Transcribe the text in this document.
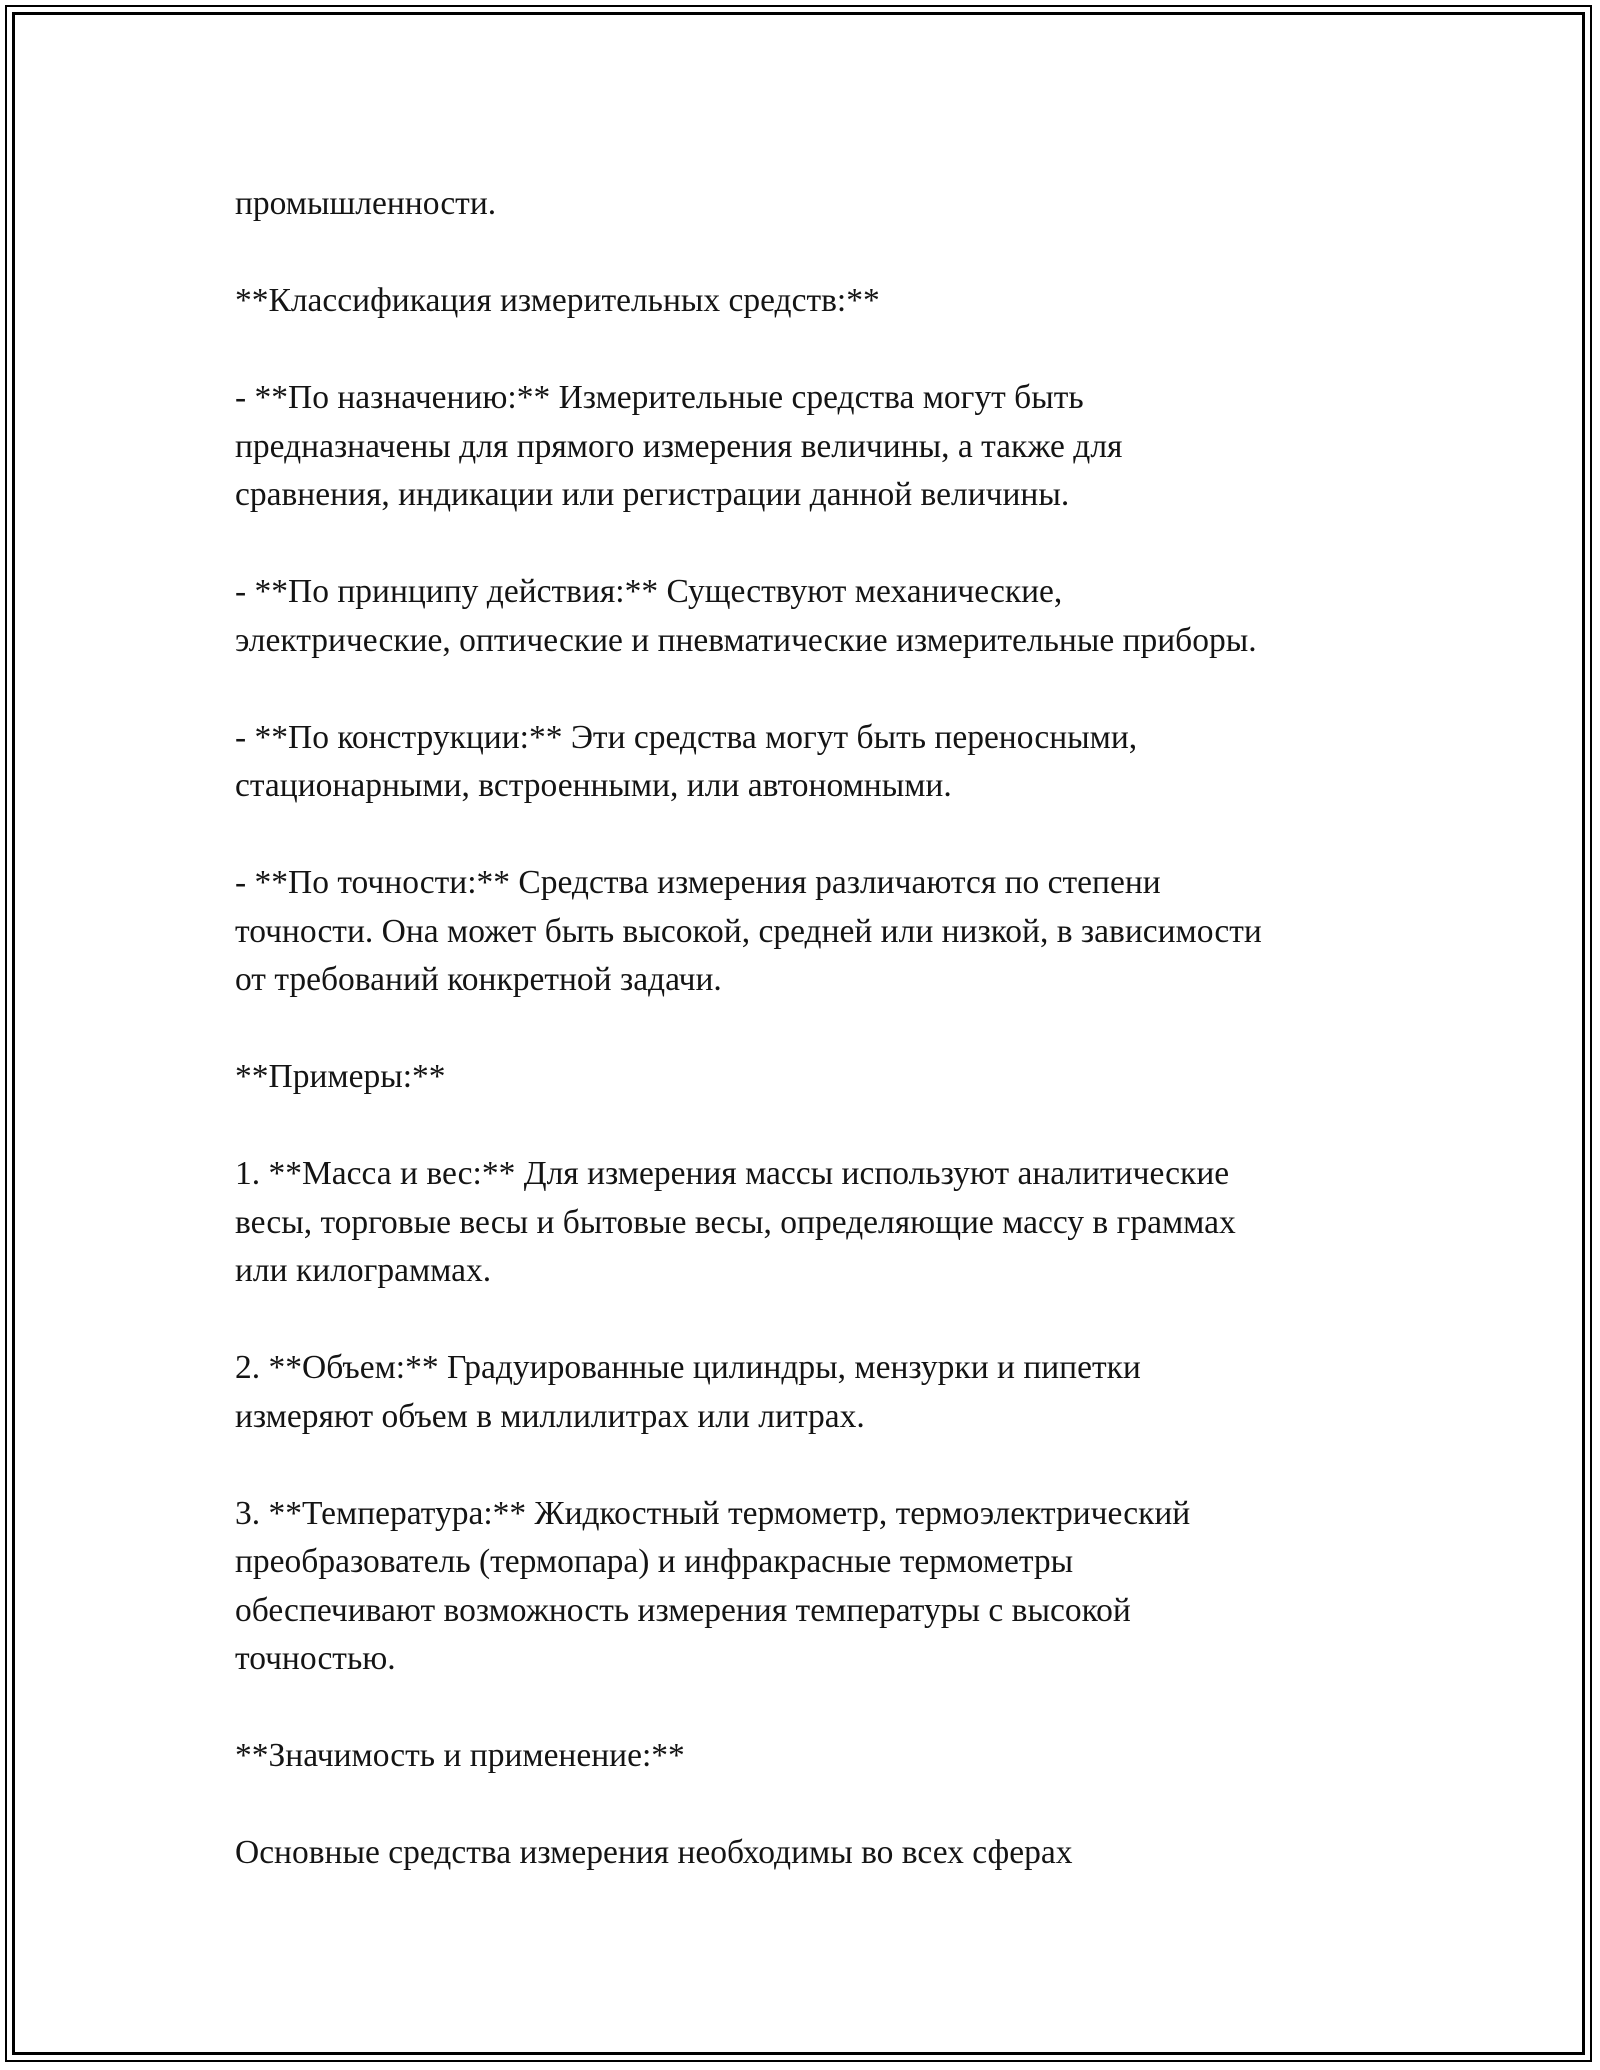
промышленности.

**Классификация измерительных средств:**

- **По назначению:** Измерительные средства могут быть
предназначены для прямого измерения величины, а также для
сравнения, индикации или регистрации данной величины.

- **По принципу действия:** Существуют механические,
электрические, оптические и пневматические измерительные приборы.

- **По конструкции:** Эти средства могут быть переносными,
стационарными, встроенными, или автономными.

- **По точности:** Средства измерения различаются по степени
точности. Она может быть высокой, средней или низкой, в зависимости
от требований конкретной задачи.

**Примеры:**

1. **Масса и вес:** Для измерения массы используют аналитические
весы, торговые весы и бытовые весы, определяющие массу в граммах
или килограммах.

2. **Объем:** Градуированные цилиндры, мензурки и пипетки
измеряют объем в миллилитрах или литрах.

3. **Температура:** Жидкостный термометр, термоэлектрический
преобразователь (термопара) и инфракрасные термометры
обеспечивают возможность измерения температуры с высокой
точностью.

**Значимость и применение:**

Основные средства измерения необходимы во всех сферах
